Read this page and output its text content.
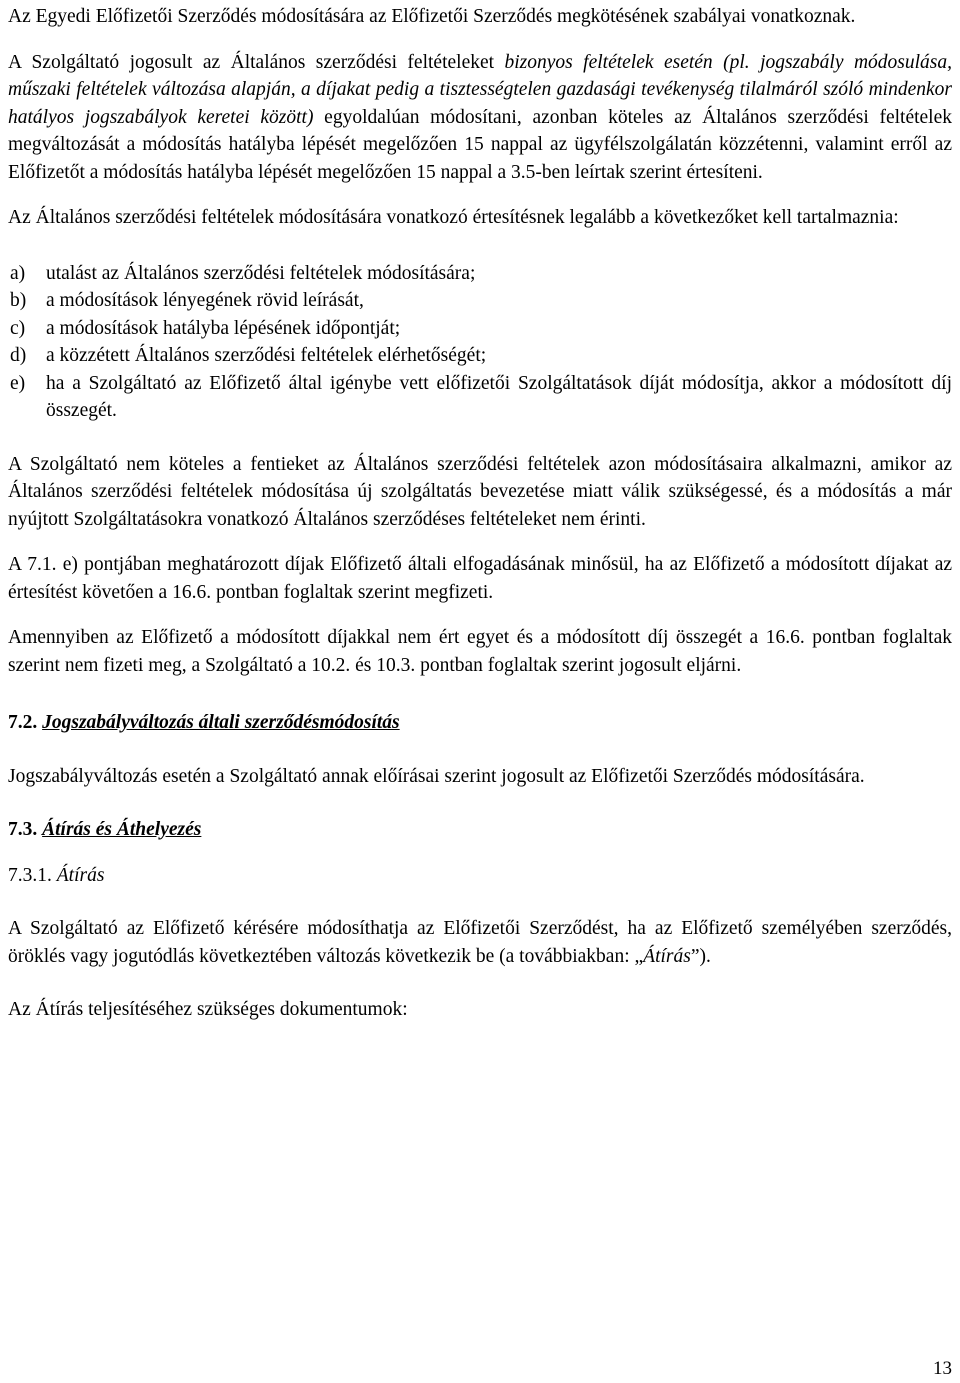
Az Egyedi Előfizetői Szerződés módosítására az Előfizetői Szerződés megkötésének szabályai vonatkoznak.

A Szolgáltató jogosult az Általános szerződési feltételeket bizonyos feltételek esetén (pl. jogszabály módosulása, műszaki feltételek változása alapján, a díjakat pedig a tisztességtelen gazdasági tevékenység tilalmáról szóló mindenkor hatályos jogszabályok keretei között) egyoldalúan módosítani, azonban köteles az Általános szerződési feltételek megváltozását a módosítás hatályba lépését megelőzően 15 nappal az ügyfélszolgálatán közzétenni, valamint erről az Előfizetőt a módosítás hatályba lépését megelőzően 15 nappal a 3.5-ben leírtak szerint értesíteni.

Az Általános szerződési feltételek módosítására vonatkozó értesítésnek legalább a következőket kell tartalmaznia:

a)	utalást az Általános szerződési feltételek módosítására;
b)	a módosítások lényegének rövid leírását,
c)	a módosítások hatályba lépésének időpontját;
d)	a közzétett Általános szerződési feltételek elérhetőségét;
e)	ha a Szolgáltató az Előfizető által igénybe vett előfizetői Szolgáltatások díját módosítja, akkor a módosított díj összegét.

A Szolgáltató nem köteles a fentieket az Általános szerződési feltételek azon módosításaira alkalmazni, amikor az Általános szerződési feltételek módosítása új szolgáltatás bevezetése miatt válik szükségessé, és a módosítás a már nyújtott Szolgáltatásokra vonatkozó Általános szerződéses feltételeket nem érinti.

A 7.1. e) pontjában meghatározott díjak Előfizető általi elfogadásának minősül, ha az Előfizető a módosított díjakat az értesítést követően a 16.6. pontban foglaltak szerint megfizeti.

Amennyiben az Előfizető a módosított díjakkal nem ért egyet és a módosított díj összegét a 16.6. pontban foglaltak szerint nem fizeti meg, a Szolgáltató a 10.2. és 10.3. pontban foglaltak szerint jogosult eljárni.

7.2. Jogszabályváltozás általi szerződésmódosítás

Jogszabályváltozás esetén a Szolgáltató annak előírásai szerint jogosult az Előfizetői Szerződés módosítására.

7.3. Átírás és Áthelyezés

7.3.1. Átírás

A Szolgáltató az Előfizető kérésére módosíthatja az Előfizetői Szerződést, ha az Előfizető személyében szerződés, öröklés vagy jogutódlás következtében változás következik be (a továbbiakban: „Átírás”).

Az Átírás teljesítéséhez szükséges dokumentumok:

13
